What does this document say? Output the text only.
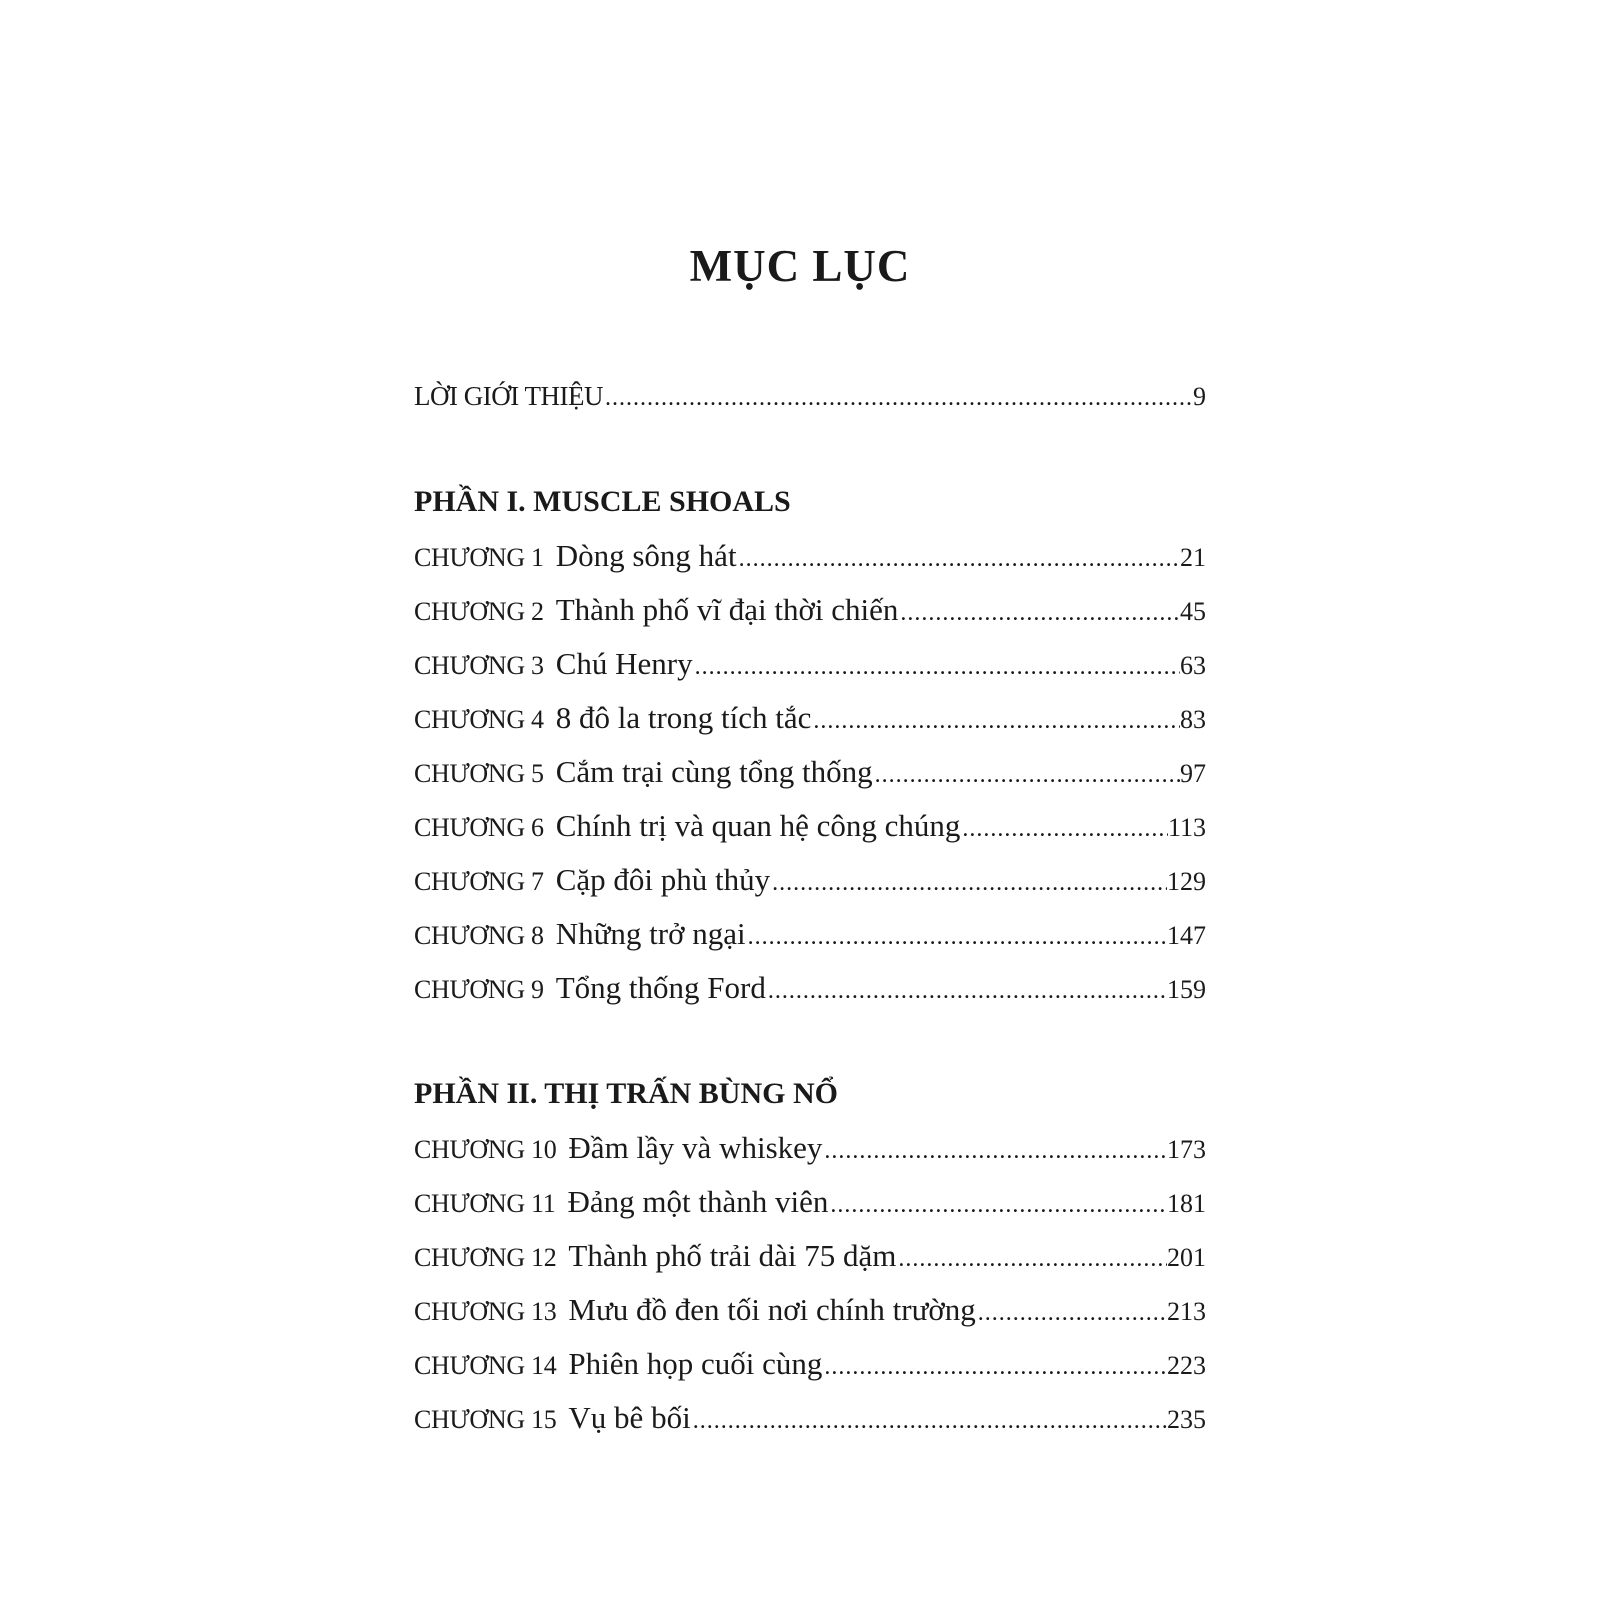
MỤC LỤC
LỜI GIỚI THIỆU .....	9
PHẦN I. MUSCLE SHOALS
CHƯƠNG 1 Dòng sông hát .....	21
CHƯƠNG 2 Thành phố vĩ đại thời chiến .....	45
CHƯƠNG 3 Chú Henry .....	63
CHƯƠNG 4 8 đô la trong tích tắc .....	83
CHƯƠNG 5 Cắm trại cùng tổng thống .....	97
CHƯƠNG 6 Chính trị và quan hệ công chúng .....	113
CHƯƠNG 7 Cặp đôi phù thủy .....	129
CHƯƠNG 8 Những trở ngại .....	147
CHƯƠNG 9 Tổng thống Ford .....	159
PHẦN II. THỊ TRẤN BÙNG NỔ
CHƯƠNG 10 Đầm lầy và whiskey .....	173
CHƯƠNG 11 Đảng một thành viên .....	181
CHƯƠNG 12 Thành phố trải dài 75 dặm .....	201
CHƯƠNG 13 Mưu đồ đen tối nơi chính trường .....	213
CHƯƠNG 14 Phiên họp cuối cùng .....	223
CHƯƠNG 15 Vụ bê bối .....	235
